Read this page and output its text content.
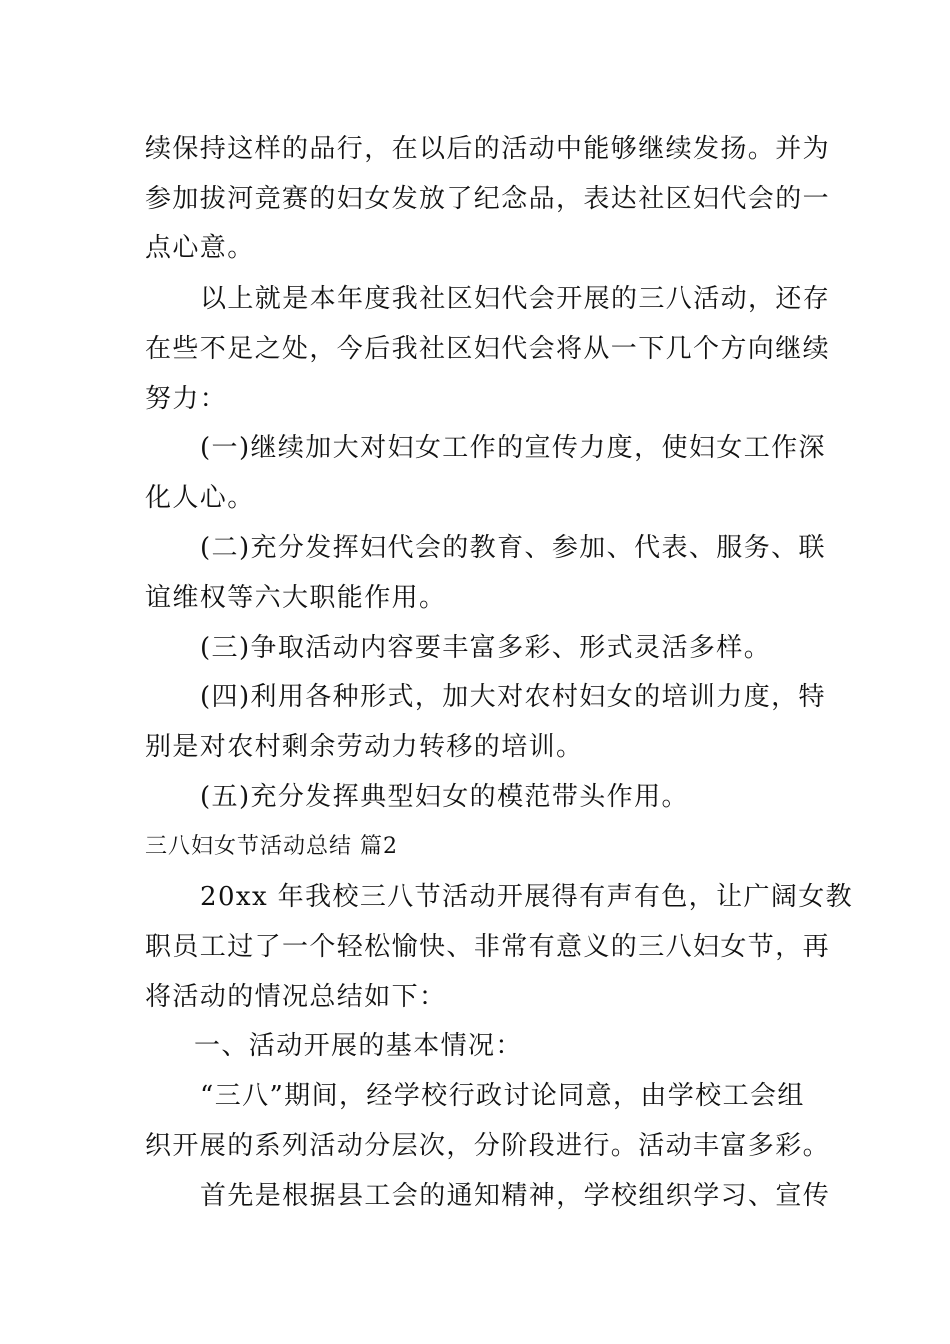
续保持这样的品行，在以后的活动中能够继续发扬。并为
参加拔河竞赛的妇女发放了纪念品，表达社区妇代会的一
点心意。
以上就是本年度我社区妇代会开展的三八活动，还存
在些不足之处，今后我社区妇代会将从一下几个方向继续
努力：
(一)继续加大对妇女工作的宣传力度，使妇女工作深
化人心。
(二)充分发挥妇代会的教育、参加、代表、服务、联
谊维权等六大职能作用。
(三)争取活动内容要丰富多彩、形式灵活多样。
(四)利用各种形式，加大对农村妇女的培训力度，特
别是对农村剩余劳动力转移的培训。
(五)充分发挥典型妇女的模范带头作用。
三八妇女节活动总结 篇2
20xx 年我校三八节活动开展得有声有色，让广阔女教
职员工过了一个轻松愉快、非常有意义的三八妇女节，再
将活动的情况总结如下：
一、活动开展的基本情况：
“三八”期间，经学校行政讨论同意，由学校工会组
织开展的系列活动分层次，分阶段进行。活动丰富多彩。
首先是根据县工会的通知精神，学校组织学习、宣传
